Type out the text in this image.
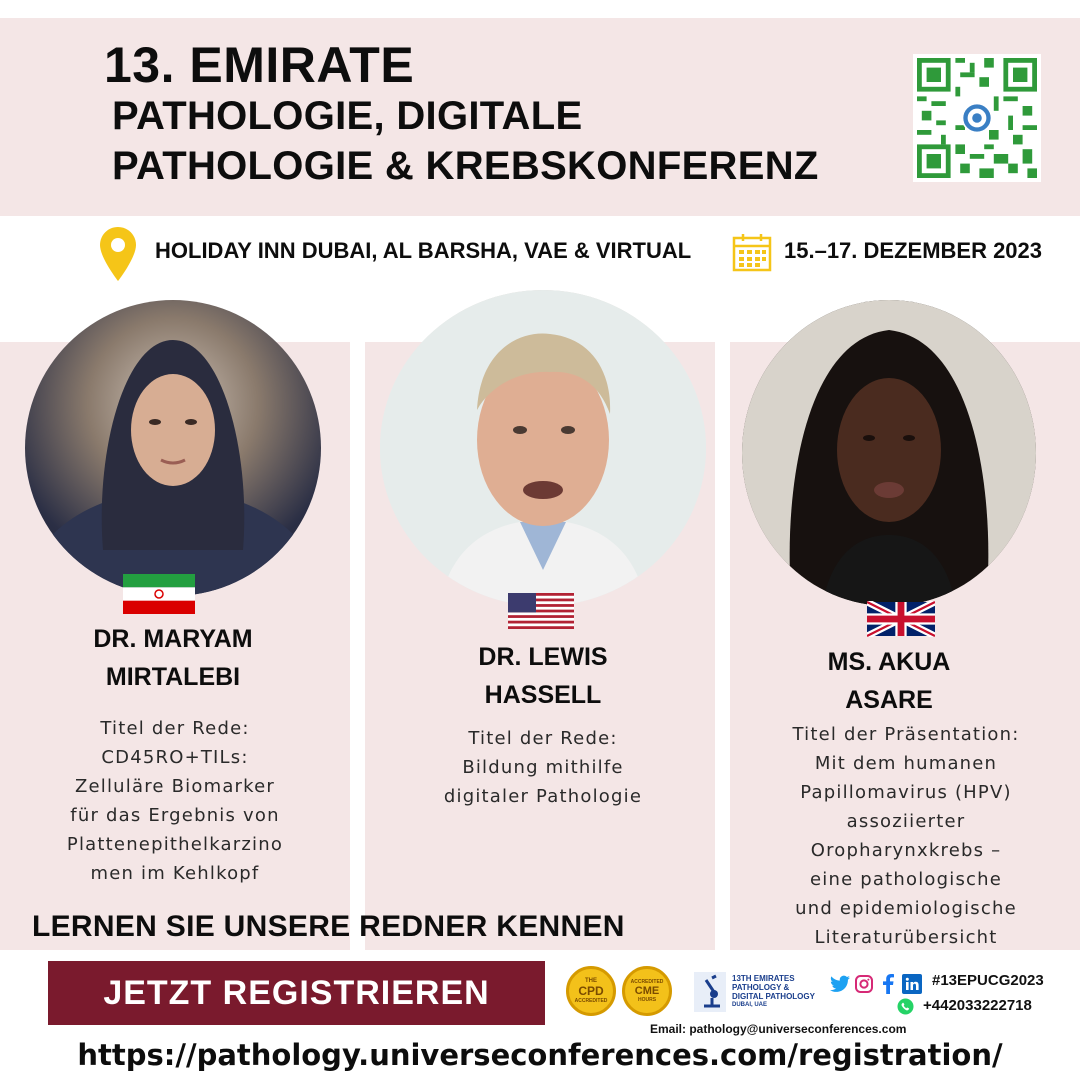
13. EMIRATE
PATHOLOGIE, DIGITALE
PATHOLOGIE & KREBSKONFERENZ
HOLIDAY INN DUBAI, AL BARSHA, VAE & VIRTUAL	15.–17. DEZEMBER 2023
DR. MARYAM
MIRTALEBI
DR. LEWIS
HASSELL
MS. AKUA
ASARE
Titel der Rede:
CD45RO+TILs:
Zelluläre Biomarker
für das Ergebnis von
Plattenepithelkarzino
men im Kehlkopf
Titel der Rede:
Bildung mithilfe
digitaler Pathologie
Titel der Präsentation:
Mit dem humanen
Papillomavirus (HPV)
assoziierter
Oropharynxkrebs –
eine pathologische
und epidemiologische
Literaturübersicht
LERNEN SIE UNSERE REDNER KENNEN
JETZT REGISTRIEREN	THE
CPD
ACCREDITED
ACCREDITED
CME
HOURS
13TH EMIRATES
PATHOLOGY &
DIGITAL PATHOLOGY
DUBAI, UAE
#13EPUCG2023
+442033222718
Email: pathology@universeconferences.com
https://pathology.universeconferences.com/registration/
